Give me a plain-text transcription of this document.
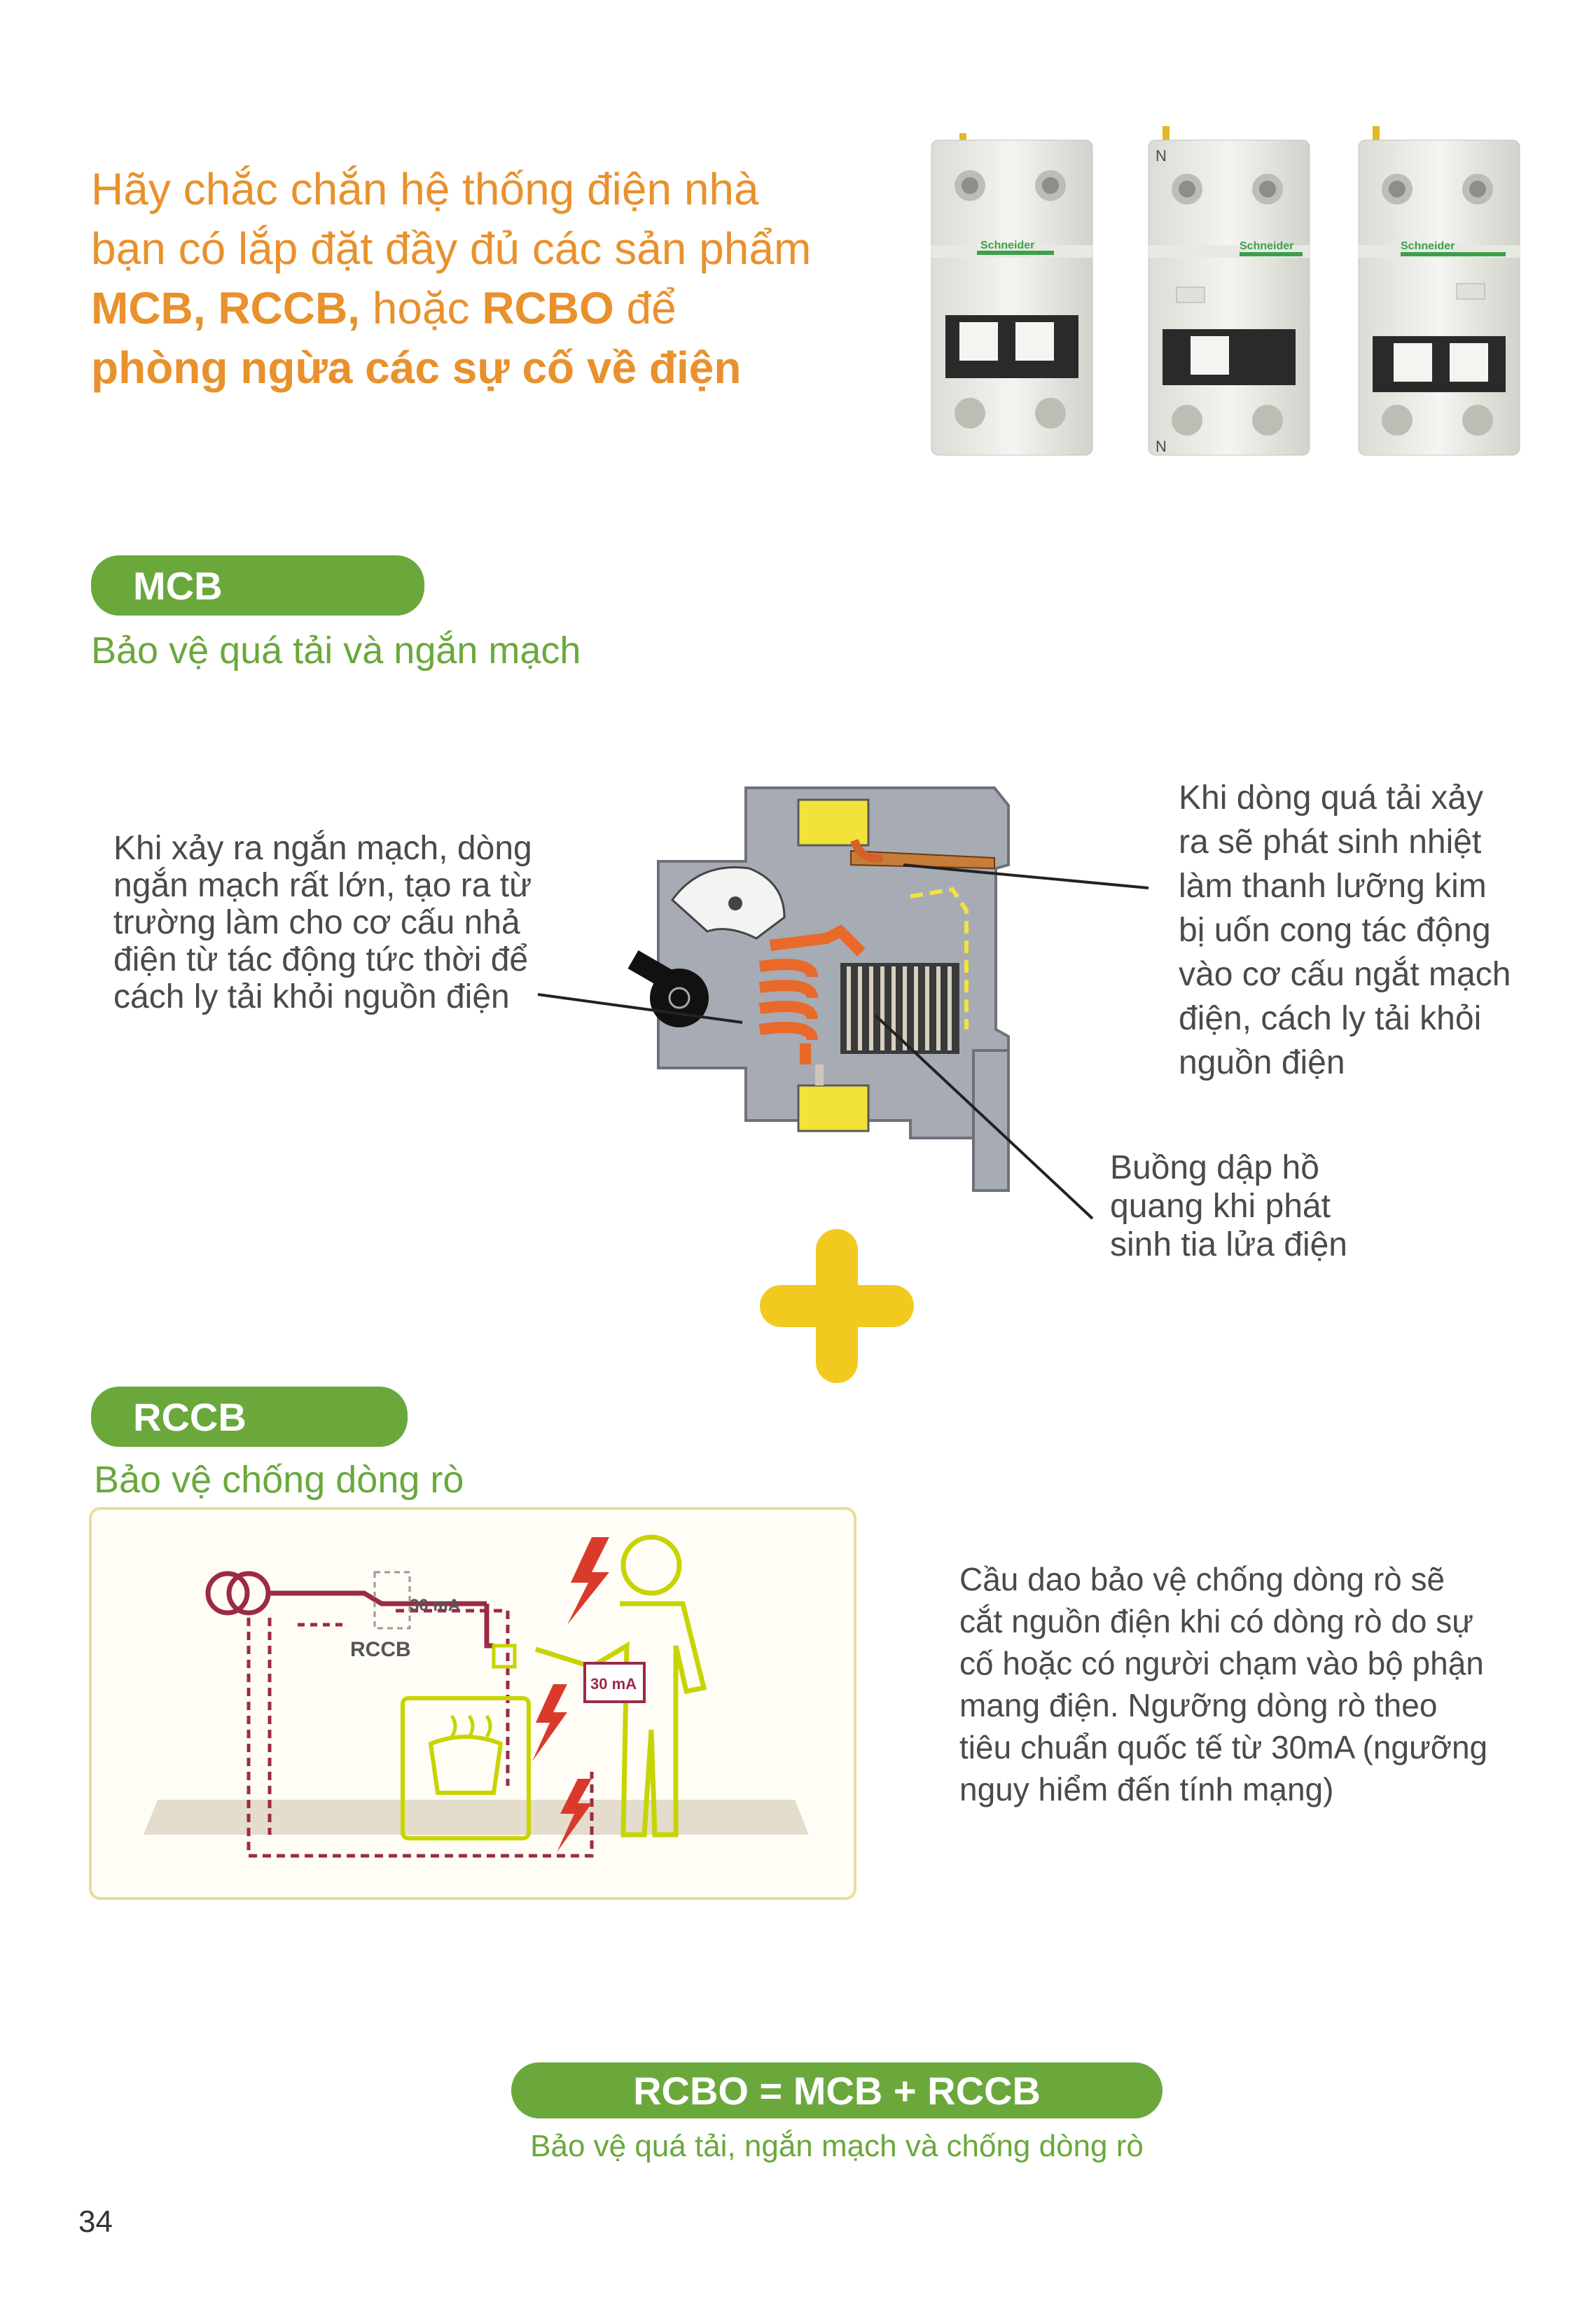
Hãy chắc chắn hệ thống điện nhà
bạn có lắp đặt đầy đủ các sản phẩm
MCB, RCCB, hoặc RCBO để
phòng ngừa các sự cố về điện
Schneider
N
Schneider
N
Schneider
MCB
Bảo vệ quá tải và ngắn mạch
Khi xảy ra ngắn mạch, dòng
ngắn mạch rất lớn, tạo ra từ
trường làm cho cơ cấu nhả
điện từ tác động tức thời để
cách ly tải khỏi nguồn điện
Khi dòng quá tải xảy
ra sẽ phát sinh nhiệt
làm thanh lưỡng kim
bị uốn cong tác động
vào cơ cấu ngắt mạch
điện, cách ly tải khỏi
nguồn điện
Buồng dập hồ
quang khi phát
sinh tia lửa điện
RCCB
Bảo vệ chống dòng rò
30 mA
RCCB
30 mA
Cầu dao bảo vệ chống dòng rò sẽ
cắt nguồn điện khi có dòng rò do sự
cố hoặc có người chạm vào bộ phận
mang điện. Ngưỡng dòng rò theo
tiêu chuẩn quốc tế từ 30mA (ngưỡng
nguy hiểm đến tính mạng)
RCBO = MCB + RCCB
Bảo vệ quá tải, ngắn mạch và chống dòng rò
34
